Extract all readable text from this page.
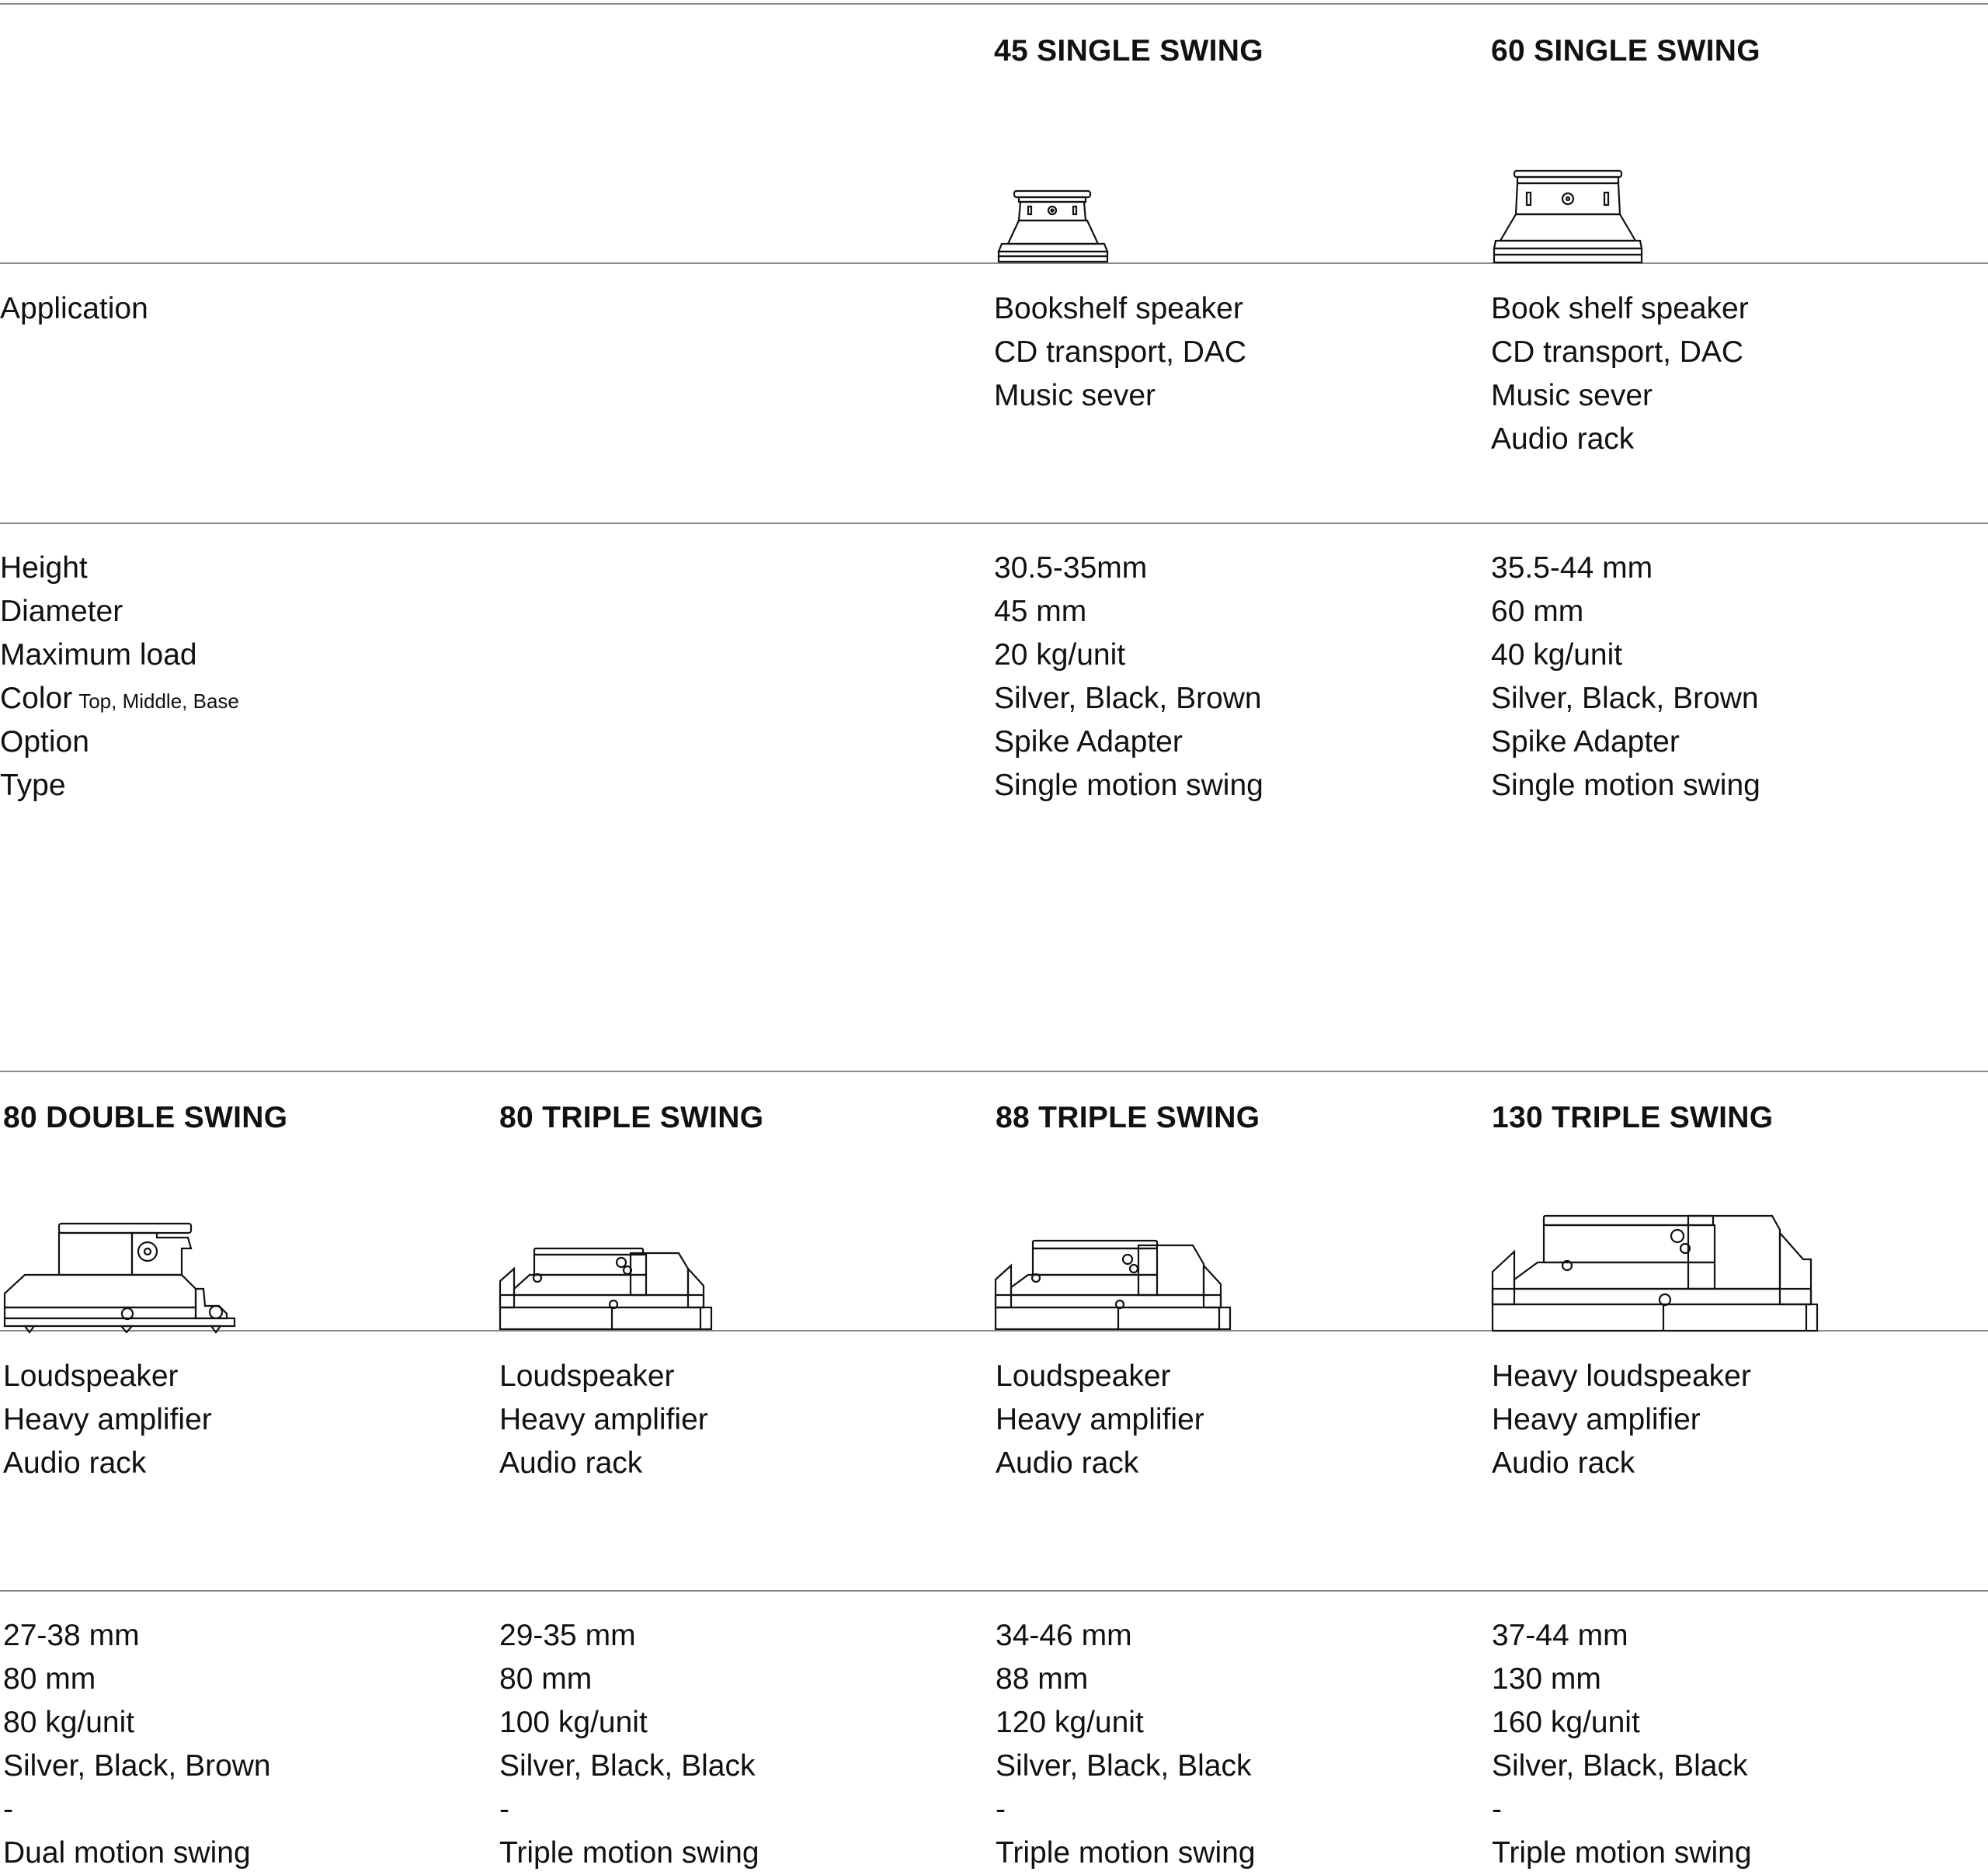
Application
Height
Diameter
Maximum load
Color Top, Middle, Base
Option
Type
45 SINGLE SWING
Bookshelf speaker
CD transport, DAC
Music sever
30.5-35mm
45 mm
20 kg/unit
Silver, Black, Brown
Spike Adapter
Single motion swing
60 SINGLE SWING
Book shelf speaker
CD transport, DAC
Music sever
Audio rack
35.5-44 mm
60 mm
40 kg/unit
Silver, Black, Brown
Spike Adapter
Single motion swing
80 DOUBLE SWING
Loudspeaker
Heavy amplifier
Audio rack
27-38 mm
80 mm
80 kg/unit
Silver, Black, Brown
-
Dual motion swing
80 TRIPLE SWING
Loudspeaker
Heavy amplifier
Audio rack
29-35 mm
80 mm
100 kg/unit
Silver, Black, Black
-
Triple motion swing
88 TRIPLE SWING
Loudspeaker
Heavy amplifier
Audio rack
34-46 mm
88 mm
120 kg/unit
Silver, Black, Black
-
Triple motion swing
130 TRIPLE SWING
Heavy loudspeaker
Heavy amplifier
Audio rack
37-44 mm
130 mm
160 kg/unit
Silver, Black, Black
-
Triple motion swing
